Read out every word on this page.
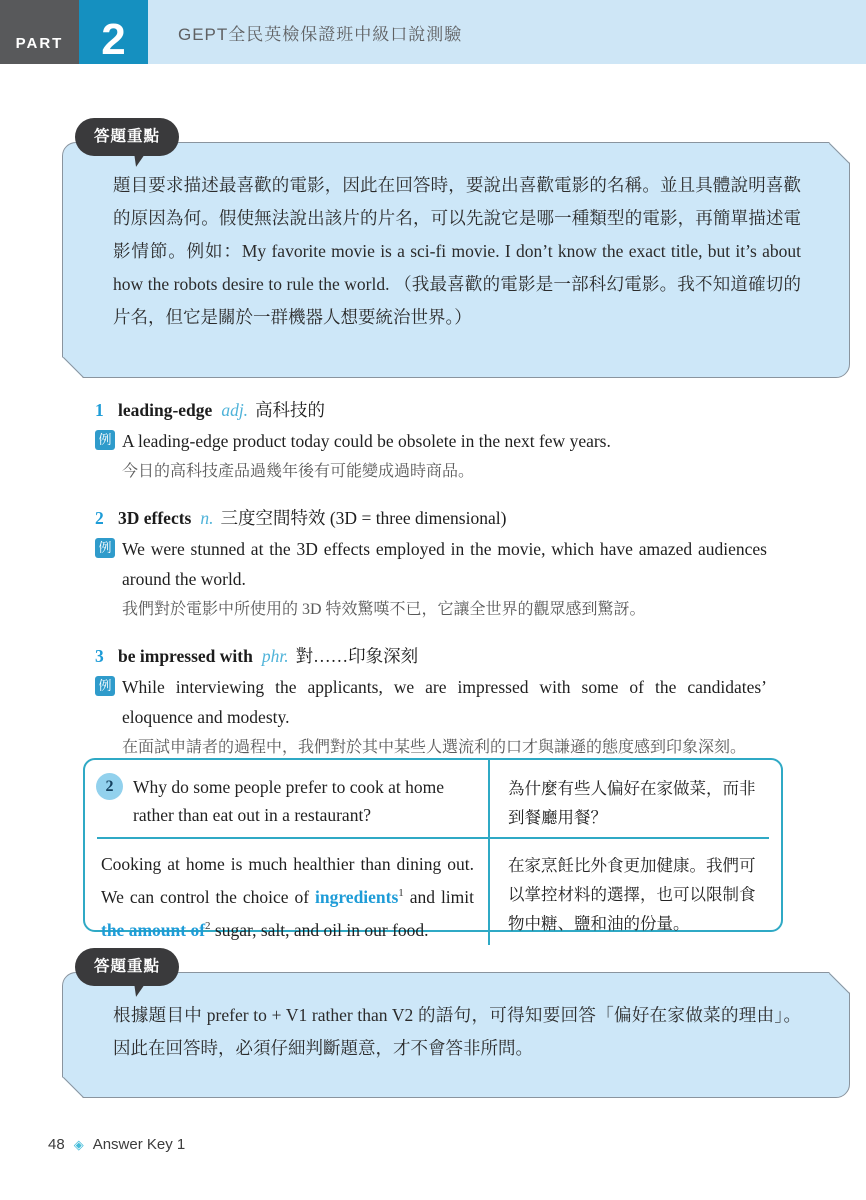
PART 2	GEPT全民英檢保證班中級口說測驗
答題重點

題目要求描述最喜歡的電影，因此在回答時，要說出喜歡電影的名稱。並且具體說明喜歡的原因為何。假使無法說出該片的片名，可以先說它是哪一種類型的電影，再簡單描述電影情節。例如：My favorite movie is a sci-fi movie. I don’t know the exact title, but it’s about how the robots desire to rule the world. （我最喜歡的電影是一部科幻電影。我不知道確切的片名，但它是關於一群機器人想要統治世界。）

1 leading-edge adj. 高科技的
例 A leading-edge product today could be obsolete in the next few years.
今日的高科技產品過幾年後有可能變成過時商品。
2 3D effects n. 三度空間特效 (3D = three dimensional)
例 We were stunned at the 3D effects employed in the movie, which have amazed audiences around the world.
我們對於電影中所使用的 3D 特效驚嘆不已，它讓全世界的觀眾感到驚訝。
3 be impressed with phr. 對……印象深刻
例 While interviewing the applicants, we are impressed with some of the candidates’ eloquence and modesty.
在面試申請者的過程中，我們對於其中某些人選流利的口才與謙遜的態度感到印象深刻。
2	Why do some people prefer to cook at home rather than eat out in a restaurant?
為什麼有些人偏好在家做菜，而非到餐廳用餐？
Cooking at home is much healthier than dining out. We can control the choice of ingredients$^1$ and limit the amount $of^2$ sugar, salt, and oil in our food.
在家烹飪比外食更加健康。我們可以掌控材料的選擇，也可以限制食物中糖、鹽和油的份量。
答題重點

根據題目中 prefer to + V1 rather than V2 的語句，可得知要回答「偏好在家做菜的理由」。因此在回答時，必須仔細判斷題意，才不會答非所問。

48 ◈ Answer Key 1
